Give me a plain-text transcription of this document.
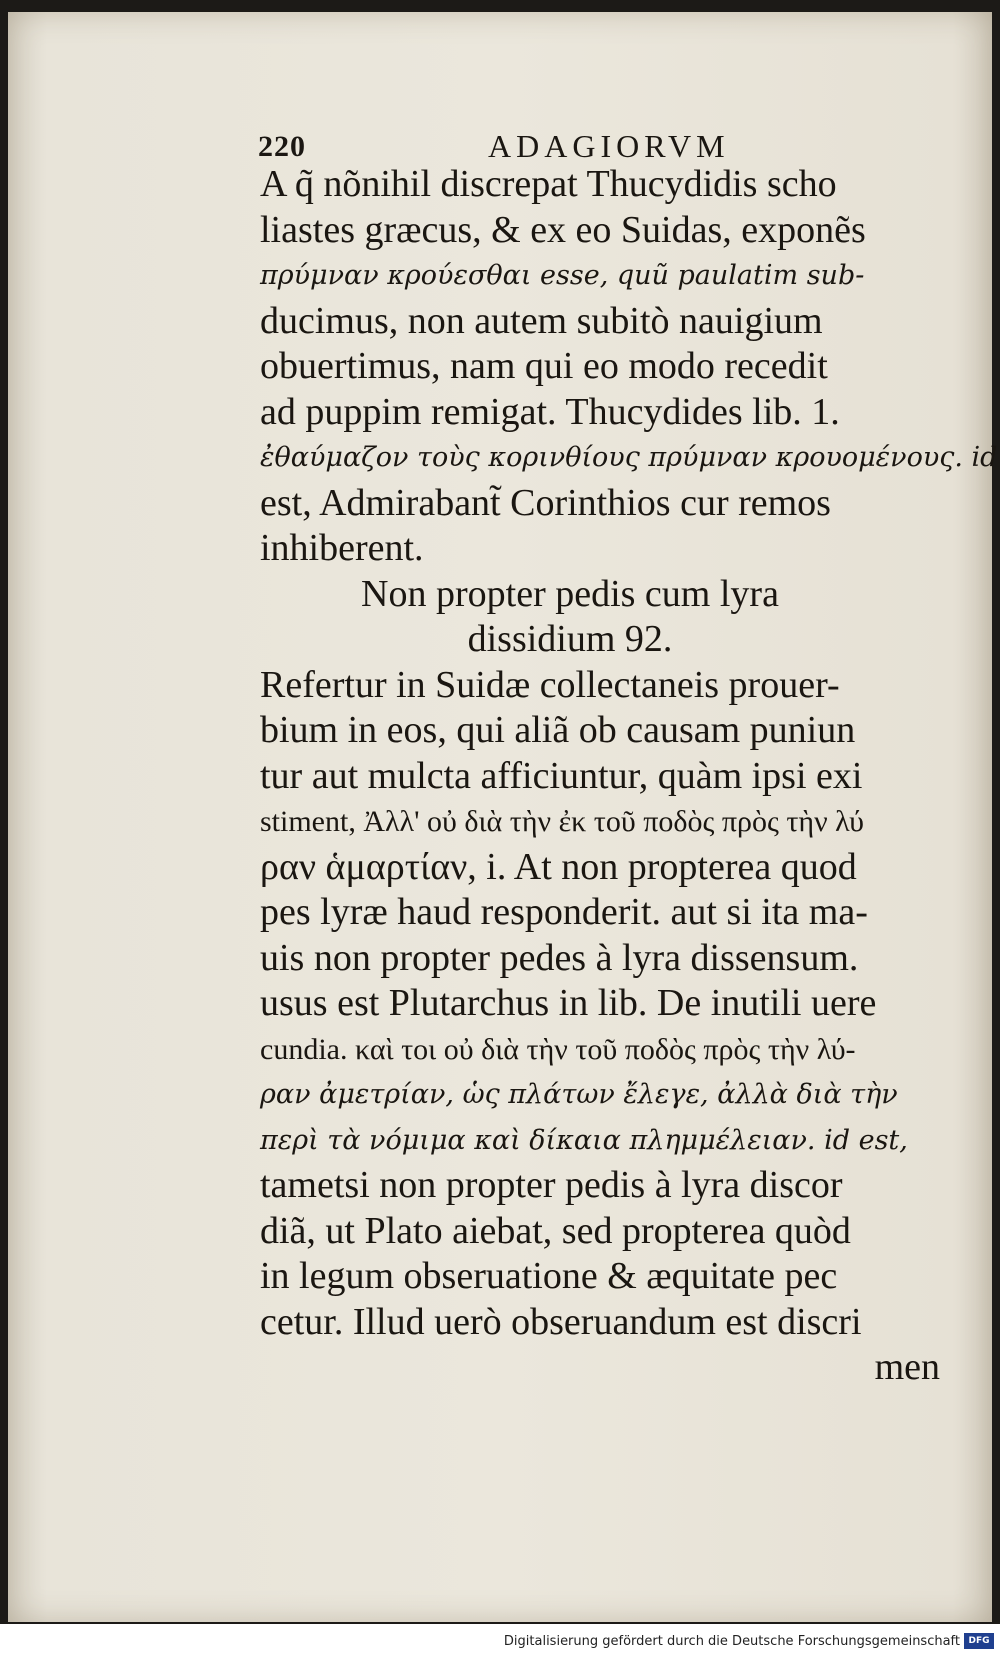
220	ADAGIORVM
A q̃ nõnihil discrepat Thucydidis scho
liastes græcus, & ex eo Suidas, exponẽs
πρύμναν κρούεσθαι esse, quũ paulatim sub-
ducimus, non autem subitò nauigium
obuertimus, nam qui eo modo recedit
ad puppim remigat. Thucydides lib. 1.
ἐθαύμαζον τοὺς κορινθίους πρύμναν κρουομένους. id
est, Admirabant̃ Corinthios cur remos
inhiberent.
Non propter pedis cum lyra
dissidium 92.
Refertur in Suidæ collectaneis prouer-
bium in eos, qui aliã ob causam puniun
tur aut mulcta afficiuntur, quàm ipsi exi
stiment, Ἀλλ' οὐ διὰ τὴν ἐκ τοῦ ποδὸς πρὸς τὴν λύ
ραν ἁμαρτίαν, i. At non propterea quod
pes lyræ haud responderit. aut si ita ma-
uis non propter pedes à lyra dissensum.
usus est Plutarchus in lib. De inutili uere
cundia. καὶ τοι οὐ διὰ τὴν τοῦ ποδὸς πρὸς τὴν λύ-
ραν ἀμετρίαν, ὡς πλάτων ἔλεγε, ἀλλὰ διὰ τὴν
περὶ τὰ νόμιμα καὶ δίκαια πλημμέλειαν. id est,
tametsi non propter pedis à lyra discor
diã, ut Plato aiebat, sed propterea quòd
in legum obseruatione & æquitate pec
cetur. Illud uerò obseruandum est discri
men
Digitalisierung gefördert durch die Deutsche Forschungsgemeinschaft DFG
